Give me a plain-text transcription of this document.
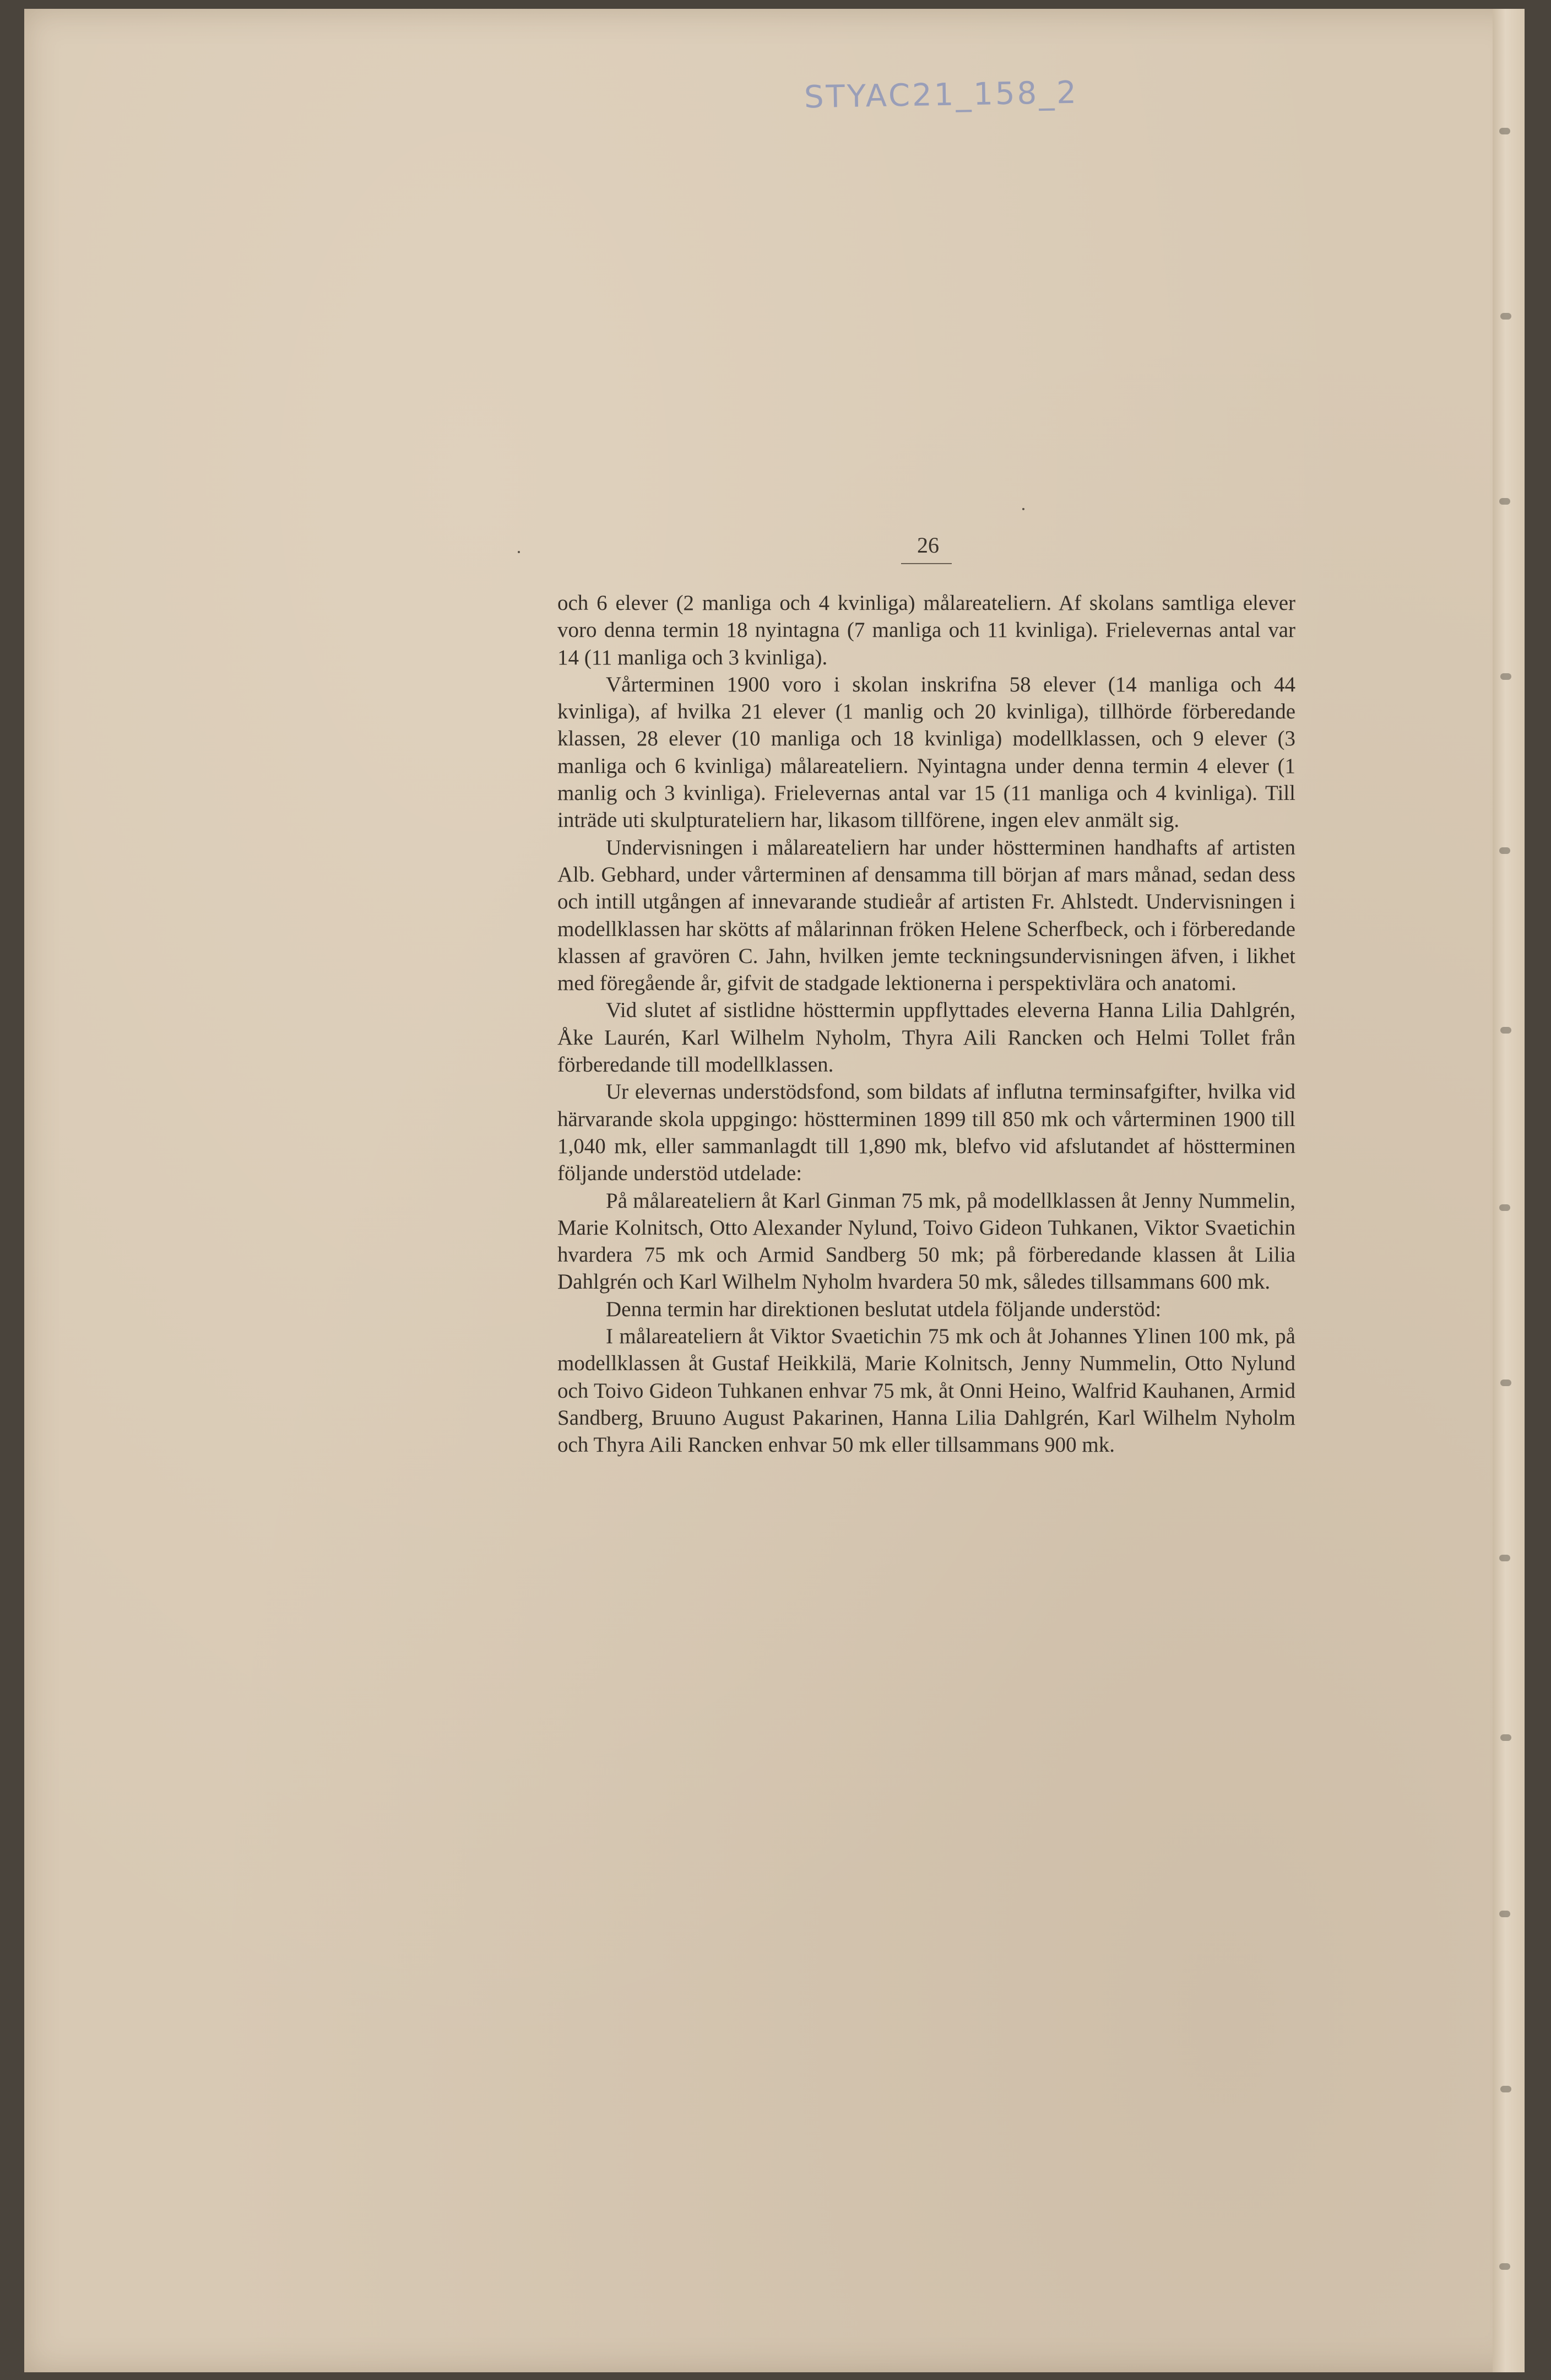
STYAC21_158_2
26

och 6 elever (2 manliga och 4 kvinliga) målareateliern. Af skolans samtliga elever voro denna termin 18 nyintagna (7 manliga och 11 kvinliga). Frielevernas antal var 14 (11 manliga och 3 kvinliga).

Vårterminen 1900 voro i skolan inskrifna 58 elever (14 manliga och 44 kvinliga), af hvilka 21 elever (1 manlig och 20 kvinliga), tillhörde förberedande klassen, 28 elever (10 manliga och 18 kvinliga) modellklassen, och 9 elever (3 manliga och 6 kvinliga) målareateliern. Nyintagna under denna termin 4 elever (1 manlig och 3 kvinliga). Frielevernas antal var 15 (11 manliga och 4 kvinliga). Till inträde uti skulpturateliern har, likasom tillförene, ingen elev anmält sig.

Undervisningen i målareateliern har under höstterminen handhafts af artisten Alb. Gebhard, under vårterminen af densamma till början af mars månad, sedan dess och intill utgången af innevarande studieår af artisten Fr. Ahlstedt. Undervisningen i modellklassen har skötts af målarinnan fröken Helene Scherfbeck, och i förberedande klassen af gravören C. Jahn, hvilken jemte teckningsundervisningen äfven, i likhet med föregående år, gifvit de stadgade lektionerna i perspektivlära och anatomi.

Vid slutet af sistlidne hösttermin uppflyttades eleverna Hanna Lilia Dahlgrén, Åke Laurén, Karl Wilhelm Nyholm, Thyra Aili Rancken och Helmi Tollet från förberedande till modellklassen.

Ur elevernas understödsfond, som bildats af influtna terminsafgifter, hvilka vid härvarande skola uppgingo: höstterminen 1899 till 850 mk och vårterminen 1900 till 1,040 mk, eller sammanlagdt till 1,890 mk, blefvo vid afslutandet af höstterminen följande understöd utdelade:

På målareateliern åt Karl Ginman 75 mk, på modellklassen åt Jenny Nummelin, Marie Kolnitsch, Otto Alexander Nylund, Toivo Gideon Tuhkanen, Viktor Svaetichin hvardera 75 mk och Armid Sandberg 50 mk; på förberedande klassen åt Lilia Dahlgrén och Karl Wilhelm Nyholm hvardera 50 mk, således tillsammans 600 mk.

Denna termin har direktionen beslutat utdela följande understöd:

I målareateliern åt Viktor Svaetichin 75 mk och åt Johannes Ylinen 100 mk, på modellklassen åt Gustaf Heikkilä, Marie Kolnitsch, Jenny Nummelin, Otto Nylund och Toivo Gideon Tuhkanen enhvar 75 mk, åt Onni Heino, Walfrid Kauhanen, Armid Sandberg, Bruuno August Pakarinen, Hanna Lilia Dahlgrén, Karl Wilhelm Nyholm och Thyra Aili Rancken enhvar 50 mk eller tillsammans 900 mk.
